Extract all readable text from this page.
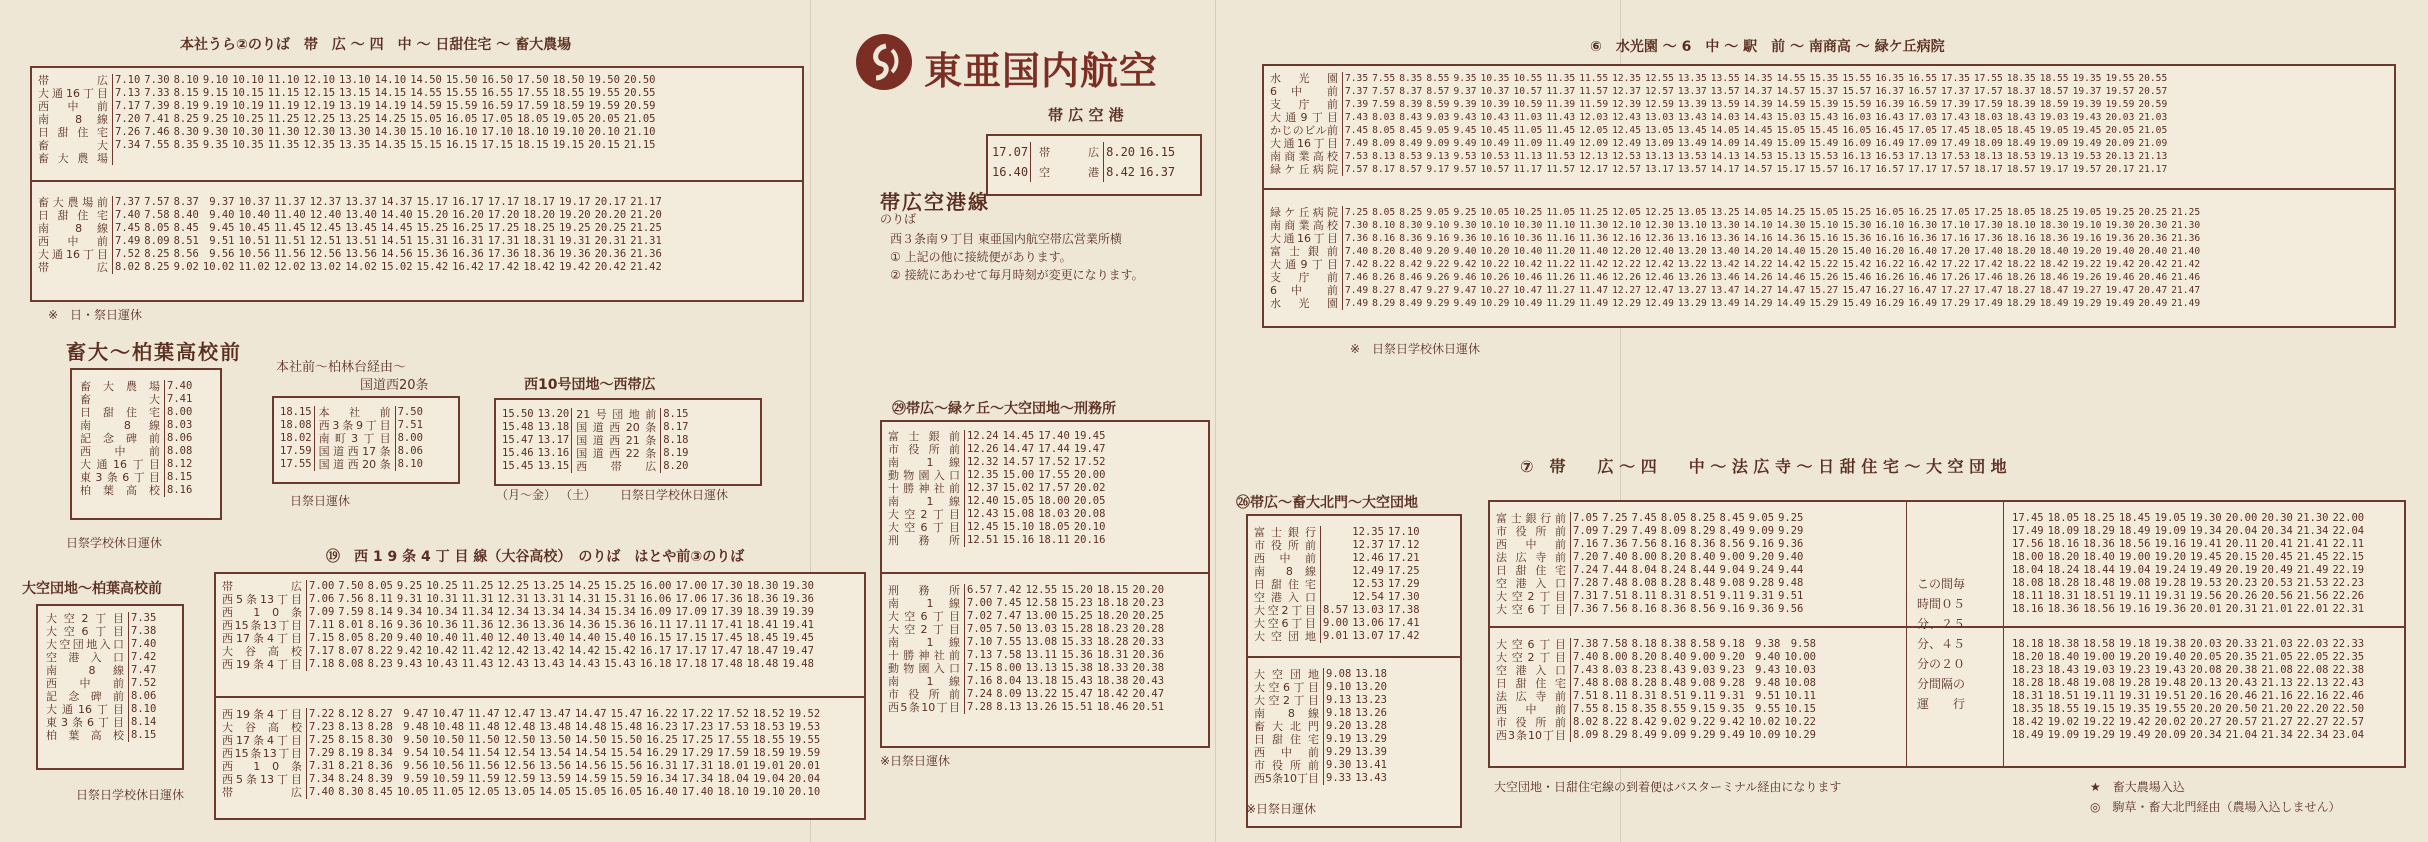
本社うら②のりば　帯　広 ～ 四　中 ～ 日甜住宅 ～ 畜大農場
帯 広	7.10	7.30	8.10	9.10	10.10	11.10	12.10	13.10	14.10	14.50	15.50	16.50	17.50	18.50	19.50	20.50
大通16丁目	7.13	7.33	8.15	9.15	10.15	11.15	12.15	13.15	14.15	14.55	15.55	16.55	17.55	18.55	19.55	20.55
西 中 前	7.17	7.39	8.19	9.19	10.19	11.19	12.19	13.19	14.19	14.59	15.59	16.59	17.59	18.59	19.59	20.59
南 8 線	7.20	7.41	8.25	9.25	10.25	11.25	12.25	13.25	14.25	15.05	16.05	17.05	18.05	19.05	20.05	21.05
日甜住宅	7.26	7.46	8.30	9.30	10.30	11.30	12.30	13.30	14.30	15.10	16.10	17.10	18.10	19.10	20.10	21.10
畜 大	7.34	7.55	8.35	9.35	10.35	11.35	12.35	13.35	14.35	15.15	16.15	17.15	18.15	19.15	20.15	21.15
畜大農場																
畜大農場前	7.37	7.57	8.37	9.37	10.37	11.37	12.37	13.37	14.37	15.17	16.17	17.17	18.17	19.17	20.17	21.17
日甜住宅	7.40	7.58	8.40	9.40	10.40	11.40	12.40	13.40	14.40	15.20	16.20	17.20	18.20	19.20	20.20	21.20
南 8 線	7.45	8.05	8.45	9.45	10.45	11.45	12.45	13.45	14.45	15.25	16.25	17.25	18.25	19.25	20.25	21.25
西 中 前	7.49	8.09	8.51	9.51	10.51	11.51	12.51	13.51	14.51	15.31	16.31	17.31	18.31	19.31	20.31	21.31
大通16丁目	7.52	8.25	8.56	9.56	10.56	11.56	12.56	13.56	14.56	15.36	16.36	17.36	18.36	19.36	20.36	21.36
帯 広	8.02	8.25	9.02	10.02	11.02	12.02	13.02	14.02	15.02	15.42	16.42	17.42	18.42	19.42	20.42	21.42
※　日・祭日運休
畜大～柏葉高校前
畜大農場	7.40
畜 大	7.41
日甜住宅	8.00
南 8 線	8.03
記念碑前	8.06
西 中 前	8.08
大通16丁目	8.12
東3条6丁目	8.15
柏葉高校	8.16
日祭学校休日運休
本社前～柏林台経由～
国道西20条
18.15	本 社 前	7.50
18.08	西3条9丁目	7.51
18.02	南町3丁目	8.00
17.59	国道西17条	8.06
17.55	国道西20条	8.10
日祭日運休
西10号団地～西帯広
15.50	13.20	21号団地前	8.15
15.48	13.18	国道西20条	8.17
15.47	13.17	国道西21条	8.18
15.46	13.16	国道西22条	8.19
15.45	13.15	西 帯 広	8.20
（月～金） （土） 日祭日学校休日運休
大空団地～柏葉高校前
大空2丁目	7.35
大空6丁目	7.38
大空団地入口	7.40
空港入口	7.42
南 8 線	7.47
西 中 前	7.52
記念碑前	8.06
大通16丁目	8.10
東3条6丁目	8.14
柏葉高校	8.15
日祭日学校休日運休
⑲　西 1 9 条 4 丁 目 線（大谷高校）　のりば　はとや前③のりば
帯 広	7.00	7.50	8.05	9.25	10.25	11.25	12.25	13.25	14.25	15.25	16.00	17.00	17.30	18.30	19.30
西5条13丁目	7.06	7.56	8.11	9.31	10.31	11.31	12.31	13.31	14.31	15.31	16.06	17.06	17.36	18.36	19.36
西 1 0 条	7.09	7.59	8.14	9.34	10.34	11.34	12.34	13.34	14.34	15.34	16.09	17.09	17.39	18.39	19.39
西15条13丁目	7.11	8.01	8.16	9.36	10.36	11.36	12.36	13.36	14.36	15.36	16.11	17.11	17.41	18.41	19.41
西17条4丁目	7.15	8.05	8.20	9.40	10.40	11.40	12.40	13.40	14.40	15.40	16.15	17.15	17.45	18.45	19.45
大 谷 高 校	7.17	8.07	8.22	9.42	10.42	11.42	12.42	13.42	14.42	15.42	16.17	17.17	17.47	18.47	19.47
西19条4丁目	7.18	8.08	8.23	9.43	10.43	11.43	12.43	13.43	14.43	15.43	16.18	17.18	17.48	18.48	19.48
西19条4丁目	7.22	8.12	8.27	9.47	10.47	11.47	12.47	13.47	14.47	15.47	16.22	17.22	17.52	18.52	19.52
大 谷 高 校	7.23	8.13	8.28	9.48	10.48	11.48	12.48	13.48	14.48	15.48	16.23	17.23	17.53	18.53	19.53
西17条4丁目	7.25	8.15	8.30	9.50	10.50	11.50	12.50	13.50	14.50	15.50	16.25	17.25	17.55	18.55	19.55
西15条13丁目	7.29	8.19	8.34	9.54	10.54	11.54	12.54	13.54	14.54	15.54	16.29	17.29	17.59	18.59	19.59
西 1 0 条	7.31	8.21	8.36	9.56	10.56	11.56	12.56	13.56	14.56	15.56	16.31	17.31	18.01	19.01	20.01
西5条13丁目	7.34	8.24	8.39	9.59	10.59	11.59	12.59	13.59	14.59	15.59	16.34	17.34	18.04	19.04	20.04
帯 広	7.40	8.30	8.45	10.05	11.05	12.05	13.05	14.05	15.05	16.05	16.40	17.40	18.10	19.10	20.10
東亜国内航空
帯 広 空 港
17.07	帯 広	8.20	16.15
16.40	空 港	8.42	16.37
帯広空港線
のりば
西３条南９丁目 東亜国内航空帯広営業所横
① 上記の他に接続便があります。
② 接続にあわせて毎月時刻が変更になります。
㉙帯広～緑ケ丘～大空団地～刑務所
富士銀前	12.24	14.45	17.40	19.45
市役所前	12.26	14.47	17.44	19.47
南 1 線	12.32	14.57	17.52	17.52
動物園入口	12.35	15.00	17.55	20.00
十勝神社前	12.37	15.02	17.57	20.02
南 1 線	12.40	15.05	18.00	20.05
大空2丁目	12.43	15.08	18.03	20.08
大空6丁目	12.45	15.10	18.05	20.10
刑 務 所	12.51	15.16	18.11	20.16
刑 務 所	6.57	7.42	12.55	15.20	18.15	20.20
南 1 線	7.00	7.45	12.58	15.23	18.18	20.23
大空6丁目	7.02	7.47	13.00	15.25	18.20	20.25
大空2丁目	7.05	7.50	13.03	15.28	18.23	20.28
南 1 線	7.10	7.55	13.08	15.33	18.28	20.33
十勝神社前	7.13	7.58	13.11	15.36	18.31	20.36
動物園入口	7.15	8.00	13.13	15.38	18.33	20.38
南 1 線	7.16	8.04	13.18	15.43	18.38	20.43
市役所前	7.24	8.09	13.22	15.47	18.42	20.47
西5条10丁目	7.28	8.13	13.26	15.51	18.46	20.51
※日祭日運休
⑥　水光園 ～ 6　中 ～ 駅　前 ～ 南商高 ～ 緑ケ丘病院
水 光 園	7.35	7.55	8.35	8.55	9.35	10.35	10.55	11.35	11.55	12.35	12.55	13.35	13.55	14.35	14.55	15.35	15.55	16.35	16.55	17.35	17.55	18.35	18.55	19.35	19.55	20.55
6 中 前	7.37	7.57	8.37	8.57	9.37	10.37	10.57	11.37	11.57	12.37	12.57	13.37	13.57	14.37	14.57	15.37	15.57	16.37	16.57	17.37	17.57	18.37	18.57	19.37	19.57	20.57
支 庁 前	7.39	7.59	8.39	8.59	9.39	10.39	10.59	11.39	11.59	12.39	12.59	13.39	13.59	14.39	14.59	15.39	15.59	16.39	16.59	17.39	17.59	18.39	18.59	19.39	19.59	20.59
大通9丁目	7.43	8.03	8.43	9.03	9.43	10.43	11.03	11.43	12.03	12.43	13.03	13.43	14.03	14.43	15.03	15.43	16.03	16.43	17.03	17.43	18.03	18.43	19.03	19.43	20.03	21.03
かじのビル前	7.45	8.05	8.45	9.05	9.45	10.45	11.05	11.45	12.05	12.45	13.05	13.45	14.05	14.45	15.05	15.45	16.05	16.45	17.05	17.45	18.05	18.45	19.05	19.45	20.05	21.05
大通16丁目	7.49	8.09	8.49	9.09	9.49	10.49	11.09	11.49	12.09	12.49	13.09	13.49	14.09	14.49	15.09	15.49	16.09	16.49	17.09	17.49	18.09	18.49	19.09	19.49	20.09	21.09
南商業高校	7.53	8.13	8.53	9.13	9.53	10.53	11.13	11.53	12.13	12.53	13.13	13.53	14.13	14.53	15.13	15.53	16.13	16.53	17.13	17.53	18.13	18.53	19.13	19.53	20.13	21.13
緑ケ丘病院	7.57	8.17	8.57	9.17	9.57	10.57	11.17	11.57	12.17	12.57	13.17	13.57	14.17	14.57	15.17	15.57	16.17	16.57	17.17	17.57	18.17	18.57	19.17	19.57	20.17	21.17
緑ケ丘病院	7.25	8.05	8.25	9.05	9.25	10.05	10.25	11.05	11.25	12.05	12.25	13.05	13.25	14.05	14.25	15.05	15.25	16.05	16.25	17.05	17.25	18.05	18.25	19.05	19.25	20.25	21.25
南商業高校	7.30	8.10	8.30	9.10	9.30	10.10	10.30	11.10	11.30	12.10	12.30	13.10	13.30	14.10	14.30	15.10	15.30	16.10	16.30	17.10	17.30	18.10	18.30	19.10	19.30	20.30	21.30
大通16丁目	7.36	8.16	8.36	9.16	9.36	10.16	10.36	11.16	11.36	12.16	12.36	13.16	13.36	14.16	14.36	15.16	15.36	16.16	16.36	17.16	17.36	18.16	18.36	19.16	19.36	20.36	21.36
富士銀前	7.40	8.20	8.40	9.20	9.40	10.20	10.40	11.20	11.40	12.20	12.40	13.20	13.40	14.20	14.40	15.20	15.40	16.20	16.40	17.20	17.40	18.20	18.40	19.20	19.40	20.40	21.40
大通9丁目	7.42	8.22	8.42	9.22	9.42	10.22	10.42	11.22	11.42	12.22	12.42	13.22	13.42	14.22	14.42	15.22	15.42	16.22	16.42	17.22	17.42	18.22	18.42	19.22	19.42	20.42	21.42
支 庁 前	7.46	8.26	8.46	9.26	9.46	10.26	10.46	11.26	11.46	12.26	12.46	13.26	13.46	14.26	14.46	15.26	15.46	16.26	16.46	17.26	17.46	18.26	18.46	19.26	19.46	20.46	21.46
6 中 前	7.49	8.27	8.47	9.27	9.47	10.27	10.47	11.27	11.47	12.27	12.47	13.27	13.47	14.27	14.47	15.27	15.47	16.27	16.47	17.27	17.47	18.27	18.47	19.27	19.47	20.47	21.47
水 光 園	7.49	8.29	8.49	9.29	9.49	10.29	10.49	11.29	11.49	12.29	12.49	13.29	13.49	14.29	14.49	15.29	15.49	16.29	16.49	17.29	17.49	18.29	18.49	19.29	19.49	20.49	21.49
※　日祭日学校休日運休
㉖帯広～畜大北門～大空団地
富士銀行		12.35	17.10
市役所前		12.37	17.12
西 中 前		12.46	17.21
南 8 線		12.49	17.25
日甜住宅		12.53	17.29
空港入口		12.54	17.30
大空2丁目	8.57	13.03	17.38
大空6丁目	9.00	13.06	17.41
大空団地	9.01	13.07	17.42
大空団地	9.08	13.18
大空6丁目	9.10	13.20
大空2丁目	9.13	13.23
南 8 線	9.18	13.26
畜大北門	9.20	13.28
日甜住宅	9.19	13.29
西 中 前	9.29	13.39
市役所前	9.30	13.41
西5条10丁目	9.33	13.43
※日祭日運休
⑦　帯　　広 ～ 四　　中 ～ 法 広 寺 ～ 日 甜 住 宅 ～ 大 空 団 地
富士銀行前	7.05	7.25	7.45	8.05	8.25	8.45	9.05	9.25
市役所前	7.09	7.29	7.49	8.09	8.29	8.49	9.09	9.29
西 中 前	7.16	7.36	7.56	8.16	8.36	8.56	9.16	9.36
法 広 寺 前	7.20	7.40	8.00	8.20	8.40	9.00	9.20	9.40
日甜住宅	7.24	7.44	8.04	8.24	8.44	9.04	9.24	9.44
空港入口	7.28	7.48	8.08	8.28	8.48	9.08	9.28	9.48
大空2丁目	7.31	7.51	8.11	8.31	8.51	9.11	9.31	9.51
大空6丁目	7.36	7.56	8.16	8.36	8.56	9.16	9.36	9.56
大空6丁目	7.38	7.58	8.18	8.38	8.58	9.18	9.38	9.58
大空2丁目	7.40	8.00	8.20	8.40	9.00	9.20	9.40	10.00
空港入口	7.43	8.03	8.23	8.43	9.03	9.23	9.43	10.03
日甜住宅	7.48	8.08	8.28	8.48	9.08	9.28	9.48	10.08
法 広 寺 前	7.51	8.11	8.31	8.51	9.11	9.31	9.51	10.11
西 中 前	7.55	8.15	8.35	8.55	9.15	9.35	9.55	10.15
市役所前	8.02	8.22	8.42	9.02	9.22	9.42	10.02	10.22
西3条10丁目	8.09	8.29	8.49	9.09	9.29	9.49	10.09	10.29
この間毎
時間０５
分、２５
分、４５
分の２０
分間隔の
運　　行
17.45	18.05	18.25	18.45	19.05	19.30	20.00	20.30	21.30	22.00
17.49	18.09	18.29	18.49	19.09	19.34	20.04	20.34	21.34	22.04
17.56	18.16	18.36	18.56	19.16	19.41	20.11	20.41	21.41	22.11
18.00	18.20	18.40	19.00	19.20	19.45	20.15	20.45	21.45	22.15
18.04	18.24	18.44	19.04	19.24	19.49	20.19	20.49	21.49	22.19
18.08	18.28	18.48	19.08	19.28	19.53	20.23	20.53	21.53	22.23
18.11	18.31	18.51	19.11	19.31	19.56	20.26	20.56	21.56	22.26
18.16	18.36	18.56	19.16	19.36	20.01	20.31	21.01	22.01	22.31
18.18	18.38	18.58	19.18	19.38	20.03	20.33	21.03	22.03	22.33
18.20	18.40	19.00	19.20	19.40	20.05	20.35	21.05	22.05	22.35
18.23	18.43	19.03	19.23	19.43	20.08	20.38	21.08	22.08	22.38
18.28	18.48	19.08	19.28	19.48	20.13	20.43	21.13	22.13	22.43
18.31	18.51	19.11	19.31	19.51	20.16	20.46	21.16	22.16	22.46
18.35	18.55	19.15	19.35	19.55	20.20	20.50	21.20	22.20	22.50
18.42	19.02	19.22	19.42	20.02	20.27	20.57	21.27	22.27	22.57
18.49	19.09	19.29	19.49	20.09	20.34	21.04	21.34	22.34	23.04
大空団地・日甜住宅線の到着便はバスターミナル経由になります	★　畜大農場入込
◎　駒草・畜大北門経由（農場入込しません）
